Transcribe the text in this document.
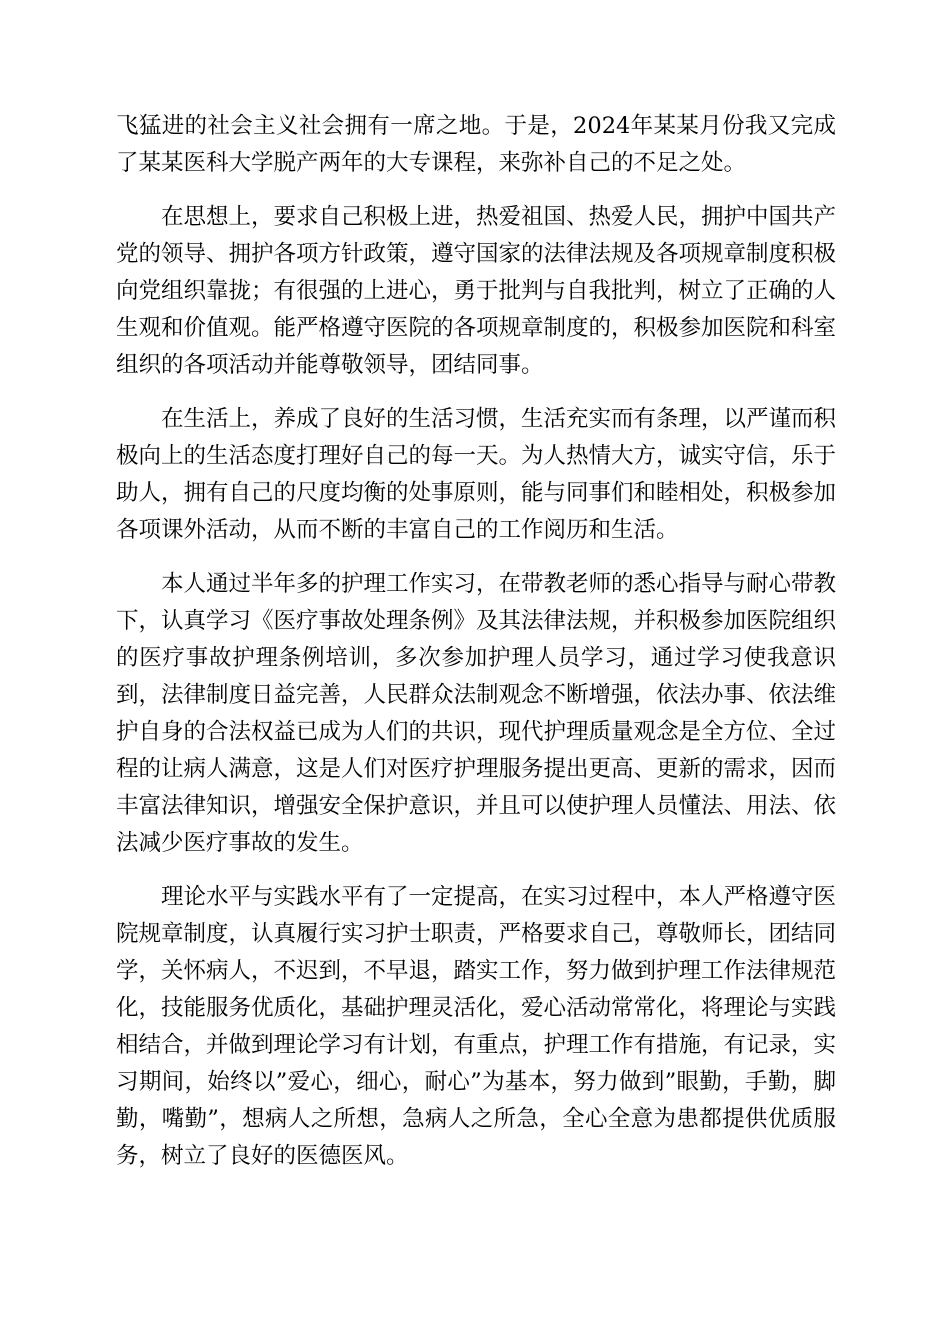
飞猛进的社会主义社会拥有一席之地。于是，2024年某某月份我又完成了某某医科大学脱产两年的大专课程，来弥补自己的不足之处。

在思想上，要求自己积极上进，热爱祖国、热爱人民，拥护中国共产党的领导、拥护各项方针政策，遵守国家的法律法规及各项规章制度积极向党组织靠拢；有很强的上进心，勇于批判与自我批判，树立了正确的人生观和价值观。能严格遵守医院的各项规章制度的，积极参加医院和科室组织的各项活动并能尊敬领导，团结同事。

在生活上，养成了良好的生活习惯，生活充实而有条理，以严谨而积极向上的生活态度打理好自己的每一天。为人热情大方，诚实守信，乐于助人，拥有自己的尺度均衡的处事原则，能与同事们和睦相处，积极参加各项课外活动，从而不断的丰富自己的工作阅历和生活。

本人通过半年多的护理工作实习，在带教老师的悉心指导与耐心带教下，认真学习《医疗事故处理条例》及其法律法规，并积极参加医院组织的医疗事故护理条例培训，多次参加护理人员学习，通过学习使我意识到，法律制度日益完善，人民群众法制观念不断增强，依法办事、依法维护自身的合法权益已成为人们的共识，现代护理质量观念是全方位、全过程的让病人满意，这是人们对医疗护理服务提出更高、更新的需求，因而丰富法律知识，增强安全保护意识，并且可以使护理人员懂法、用法、依法减少医疗事故的发生。

理论水平与实践水平有了一定提高，在实习过程中，本人严格遵守医院规章制度，认真履行实习护士职责，严格要求自己，尊敬师长，团结同学，关怀病人，不迟到，不早退，踏实工作，努力做到护理工作法律规范化，技能服务优质化，基础护理灵活化，爱心活动常常化，将理论与实践相结合，并做到理论学习有计划，有重点，护理工作有措施，有记录，实习期间，始终以”爱心，细心，耐心”为基本，努力做到”眼勤，手勤，脚勤，嘴勤”，想病人之所想，急病人之所急，全心全意为患都提供优质服务，树立了良好的医德医风。
